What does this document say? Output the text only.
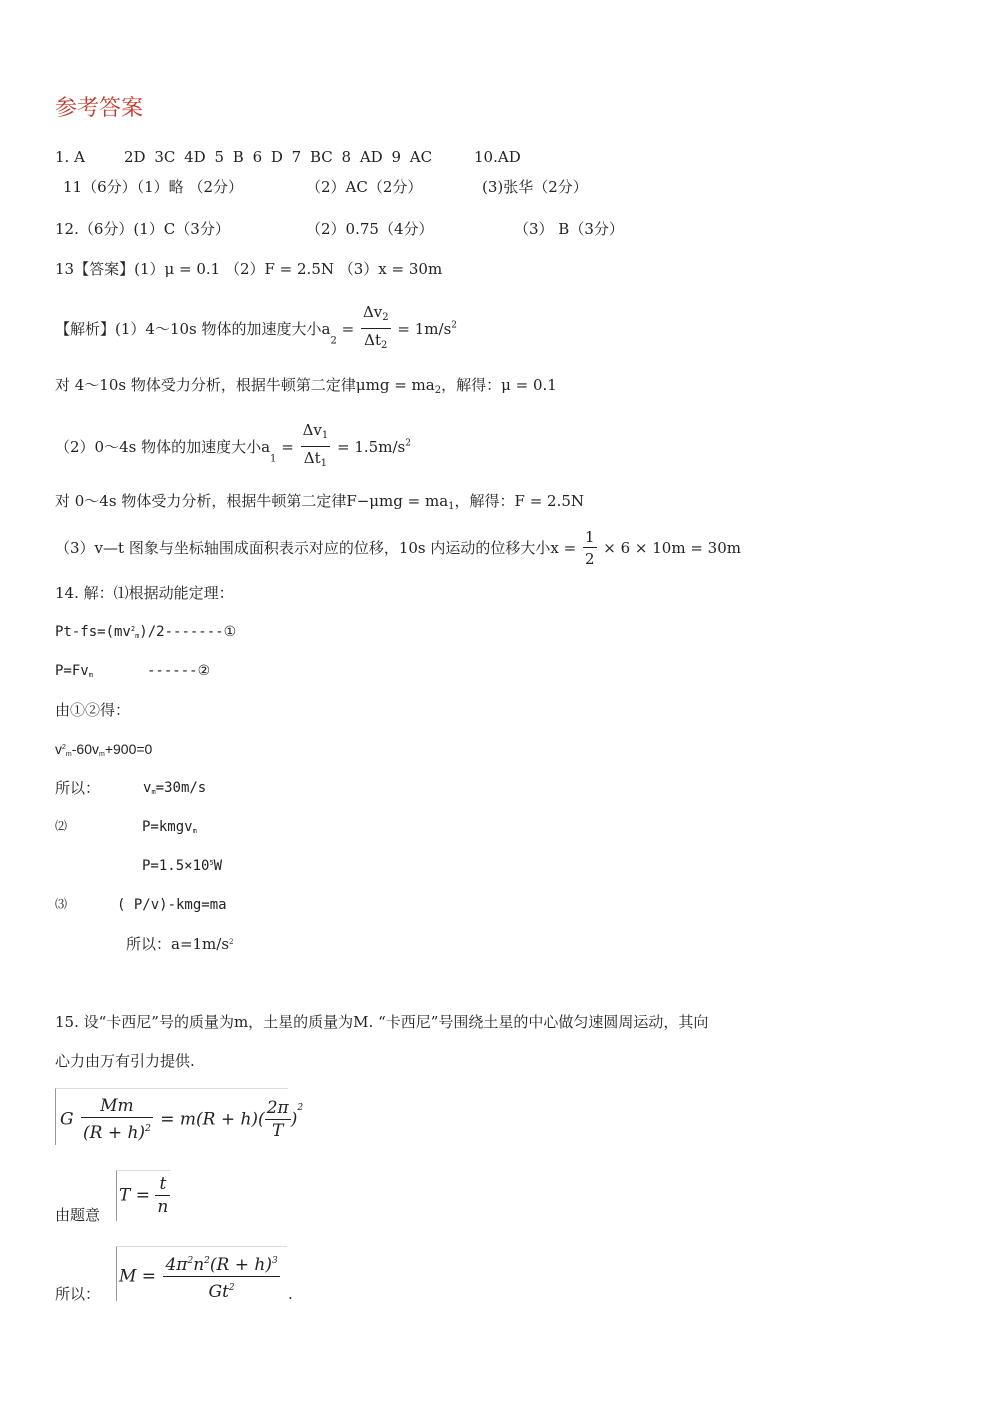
参考答案
1. A	2D 3C 4D 5 B 6 D 7 BC 8 AD 9 AC	10.AD
11（6分）（1）略 （2分）	（2）AC（2分）	(3)张华（2分）
12.（6分）(1）C（3分）	（2）0.75（4分）	（3） B（3分）
13【答案】(1）μ = 0.1 （2）F = 2.5N （3）x = 30m
【解析】(1）4～10s 物体的加速度大小$a_2 = \frac{\Delta v_2}{\Delta t_2} = 1m/s^2$
对 4～10s 物体受力分析，根据牛顿第二定律$\mu mg = ma_2$，解得：μ = 0.1
（2）0～4s 物体的加速度大小$a_1 = \frac{\Delta v_1}{\Delta t_1} = 1.5m/s^2$
对 0～4s 物体受力分析，根据牛顿第二定律$F-\mu mg = ma_1$，解得：F = 2.5N
（3）v—t 图象与坐标轴围成面积表示对应的位移，10s 内运动的位移大小$x = \frac{1}{2} \times 6 \times 10m = 30m$
14. 解：⑴根据动能定理：
$Pt-fs=(mv^2_m)/2-------①$
$P=Fv_m$	------②
由①②得：
$v^2_m-60v_m+900=0$
所以：	$v_m=30m/s$
⑵	P=kmgv$_m$
$P=1.5\times 10^5W$
⑶	( P/v)-kmg=ma
所以：$a=1m/s^2$
15. 设“卡西尼”号的质量为m，土星的质量为M. “卡西尼”号围绕土星的中心做匀速圆周运动，其向
心力由万有引力提供.
G $\frac{Mm}{(R + h)^2} = m(R + h)( \frac{2\pi}{T} )^2$
由题意
$T = \frac{t}{n}$
所以：
$M = \frac{4\pi^2n^2(R + h)^3}{Gt^2}$ .
